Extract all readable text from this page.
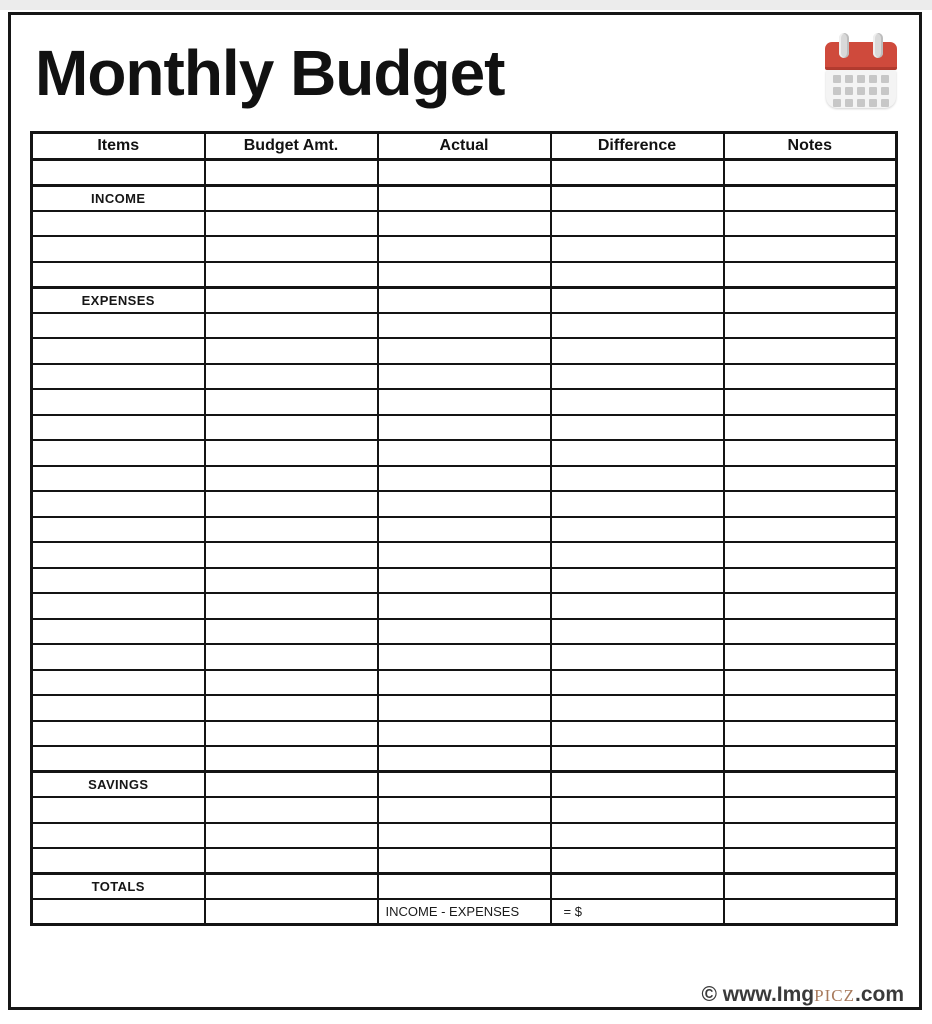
Monthly Budget
Items	Budget Amt.	Actual	Difference	Notes

INCOME				

EXPENSES				

SAVINGS				

TOTALS				
		INCOME - EXPENSES	= $	
© www.ImgPICZ.com
